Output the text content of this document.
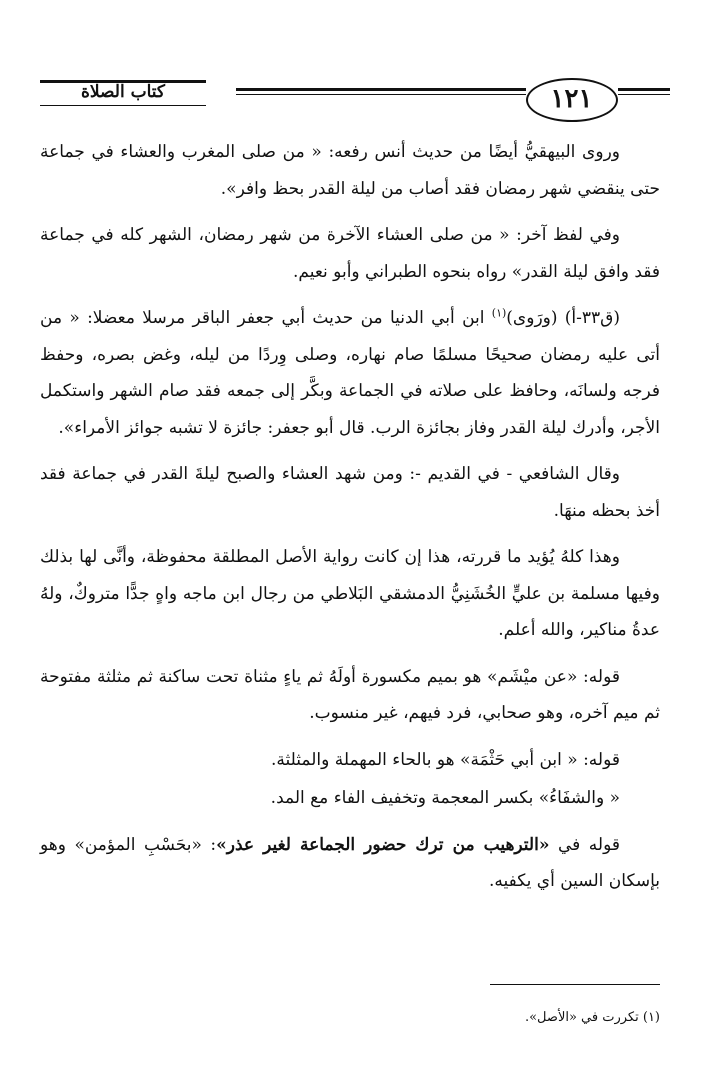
كتاب الصلاة	١٢١

وروى البيهقيُّ أيضًا من حديث أنس رفعه: « من صلى المغرب والعشاء في جماعة حتى ينقضي شهر رمضان فقد أصاب من ليلة القدر بحظ وافر».

وفي لفظ آخر: « من صلى العشاء الآخرة من شهر رمضان، الشهر كله في جماعة فقد وافق ليلة القدر» رواه بنحوه الطبراني وأبو نعيم.

(ق٣٣-أ) (ورَوى)$^{(١)}$ ابن أبي الدنيا من حديث أبي جعفر الباقر مرسلا معضلا: « من أتى عليه رمضان صحيحًا مسلمًا صام نهاره، وصلى وِردًا من ليله، وغض بصره، وحفظ فرجه ولسانَه، وحافظ على صلاته في الجماعة وبكَّر إلى جمعه فقد صام الشهر واستكمل الأجر، وأدرك ليلة القدر وفاز بجائزة الرب. قال أبو جعفر: جائزة لا تشبه جوائز الأمراء».

وقال الشافعي - في القديم -: ومن شهد العشاء والصبح ليلةَ القدر في جماعة فقد أخذ بحظه منهَا.

وهذا كلهُ يُؤيد ما قررته، هذا إن كانت رواية الأصل المطلقة محفوظة، وأنَّى لها بذلك وفيها مسلمة بن عليٍّ الخُشَنِيُّ الدمشقي البَلاطي من رجال ابن ماجه واهٍ جدًّا متروكٌ، ولهُ عدةُ مناكير، والله أعلم.

قوله: «عن ميْشَم» هو بميم مكسورة أولَهُ ثم ياءٍ مثناة تحت ساكنة ثم مثلثة مفتوحة ثم ميم آخره، وهو صحابي، فرد فيهم، غير منسوب.

قوله: « ابن أبي حَثْمَة» هو بالحاء المهملة والمثلثة.

« والشفَاءُ» بكسر المعجمة وتخفيف الفاء مع المد.

قوله في «الترهيب من ترك حضور الجماعة لغير عذر»: «بحَسْبِ المؤمن» وهو بإسكان السين أي يكفيه.

(١) تكررت في «الأصل».
